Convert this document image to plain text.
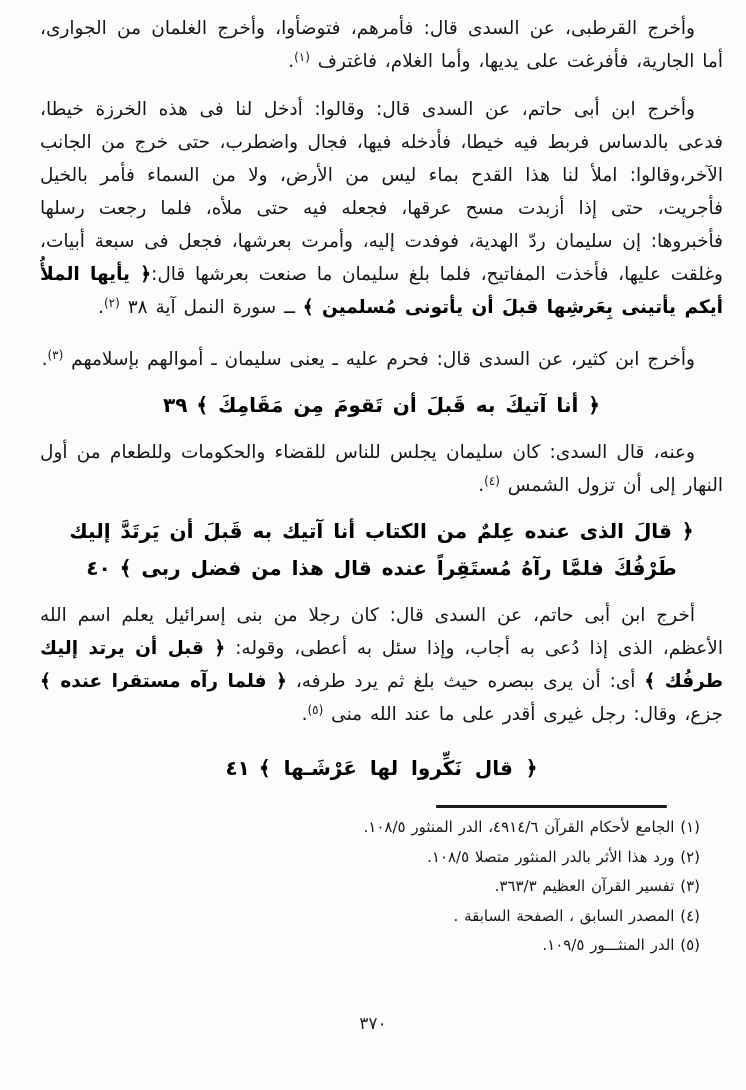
وأخرج القرطبى، عن السدى قال: فأمرهم، فتوضأوا، وأخرج الغلمان من الجوارى، أما الجارية، فأفرغت على يديها، وأما الغلام، فاغترف $^{(١)}$.

وأخرج ابن أبى حاتم، عن السدى قال: وقالوا: أدخل لنا فى هذه الخرزة خيطا، فدعى بالدساس فربط فيه خيطا، فأدخله فيها، فجال واضطرب، حتى خرج من الجانب الآخر،وقالوا: املأ لنا هذا القدح بماء ليس من الأرض، ولا من السماء فأمر بالخيل فأجريت، حتى إذا أزبدت مسح عرقها، فجعله فيه حتى ملأه، فلما رجعت رسلها فأخبروها: إن سليمان ردّ الهدية، فوفدت إليه، وأمرت بعرشها، فجعل فى سبعة أبيات، وغلقت عليها، فأخذت المفاتيح، فلما بلغ سليمان ما صنعت بعرشها قال:﴿ يأيها الملأُ أيكم يأتينى بِعَرشِها قبلَ أن يأتونى مُسلمين ﴾ ــ سورة النمل آية ٣٨ $^{(٢)}$.

وأخرج ابن كثير، عن السدى قال: فحرم عليه ـ يعنى سليمان ـ أموالهم بإسلامهم $^{(٣)}$.

﴿ أنا آتيكَ به قَبلَ أن تَقومَ مِن مَقَامِكَ ﴾٣٩

وعنه، قال السدى: كان سليمان يجلس للناس للقضاء والحكومات وللطعام من أول النهار إلى أن تزول الشمس $^{(٤)}$.

﴿ قالَ الذى عنده عِلمٌ من الكتاب أنا آتيك به قَبلَ أن يَرتَدَّ إليك طَرْفُكَ فلمَّا رآهُ مُستَقِراً عنده قال هذا من فضل ربى ﴾٤٠

أخرج ابن أبى حاتم، عن السدى قال: كان رجلا من بنى إسرائيل يعلم اسم الله الأعظم، الذى إذا دُعى به أجاب، وإذا سئل به أعطى، وقوله: ﴿ قبل أن يرتد إليك طرفُك ﴾ أى: أن يرى ببصره حيث بلغ ثم يرد طرفه، ﴿ فلما رآه مستقرا عنده ﴾ جزع، وقال: رجل غيرى أقدر على ما عند الله منى $^{(٥)}$.

﴿ قال نَكِّروا لها عَرْشَـها ﴾٤١

(١) الجامع لأحكام القرآن ٤٩١٤/٦، الدر المنثور ١٠٨/٥.

(٢) ورد هذا الأثر بالدر المنثور متصلا ١٠٨/٥.

(٣) تفسير القرآن العظيم ٣٦٣/٣.

(٤) المصدر السابق ، الصفحة السابقة .

(٥) الدر المنثـــور ١٠٩/٥.

٣٧٠
